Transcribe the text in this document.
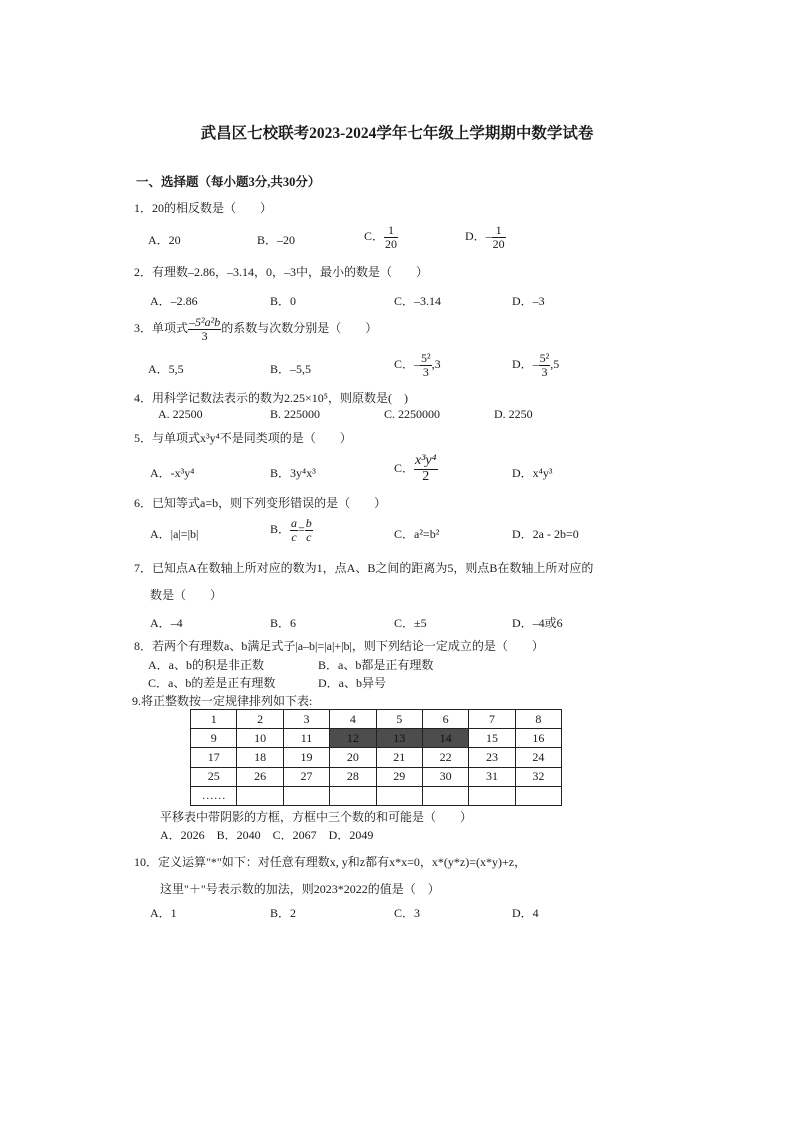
武昌区七校联考2023-2024学年七年级上学期期中数学试卷
一、选择题（每小题3分,共30分）
1．20的相反数是（　　）
A．20	B．–20	C． $\frac{1}{20}$	D．– $\frac{1}{20}$
2．有理数–2.86，–3.14，0，–3中，最小的数是（　　）
A．–2.86	B．0	C．–3.14	D．–3
3．单项式 $\frac{\text{–5²a²b}}{3}$ 的系数与次数分别是（　　）
A．5,5	B．–5,5	C．– $\frac{\text{5²}}{3} ,3$	D．– $\frac{\text{5²}}{3} ,5$
4．用科学记数法表示的数为2.25×10⁵，则原数是(　)
A. 22500	B. 225000	C. 2250000	D. 2250
5．与单项式x³y⁴不是同类项的是（　　）
A．-x³y⁴	B．3y⁴x³	C． $\frac{\text{x³y⁴}}{2}$	D．x⁴y³
6．已知等式a=b，则下列变形错误的是（　　）
A．|a|=|b|	B． $\frac{a}{c} = \frac{b}{c}$	C．a²=b²	D．2a - 2b=0
7．已知点A在数轴上所对应的数为1，点A、B之间的距离为5，则点B在数轴上所对应的
数是（　　）
A．–4	B．6	C．±5	D．–4或6
8．若两个有理数a、b满足式子|a–b|=|a|+|b|，则下列结论一定成立的是（　　）
A．a、b的积是非正数	B．a、b都是正有理数
C．a、b的差是正有理数	D．a、b异号
9.将正整数按一定规律排列如下表:
1	2	3	4	5	6	7	8
9	10	11	12	13	14	15	16
17	18	19	20	21	22	23	24
25	26	27	28	29	30	31	32
……							
平移表中带阴影的方框，方框中三个数的和可能是（　　）
A．2026　B．2040　C．2067　D．2049
10．定义运算"*"如下：对任意有理数x, y和z都有x*x=0，x*(y*z)=(x*y)+z，
这里"＋"号表示数的加法，则2023*2022的值是（　）
A．1	B．2	C．3	D．4
